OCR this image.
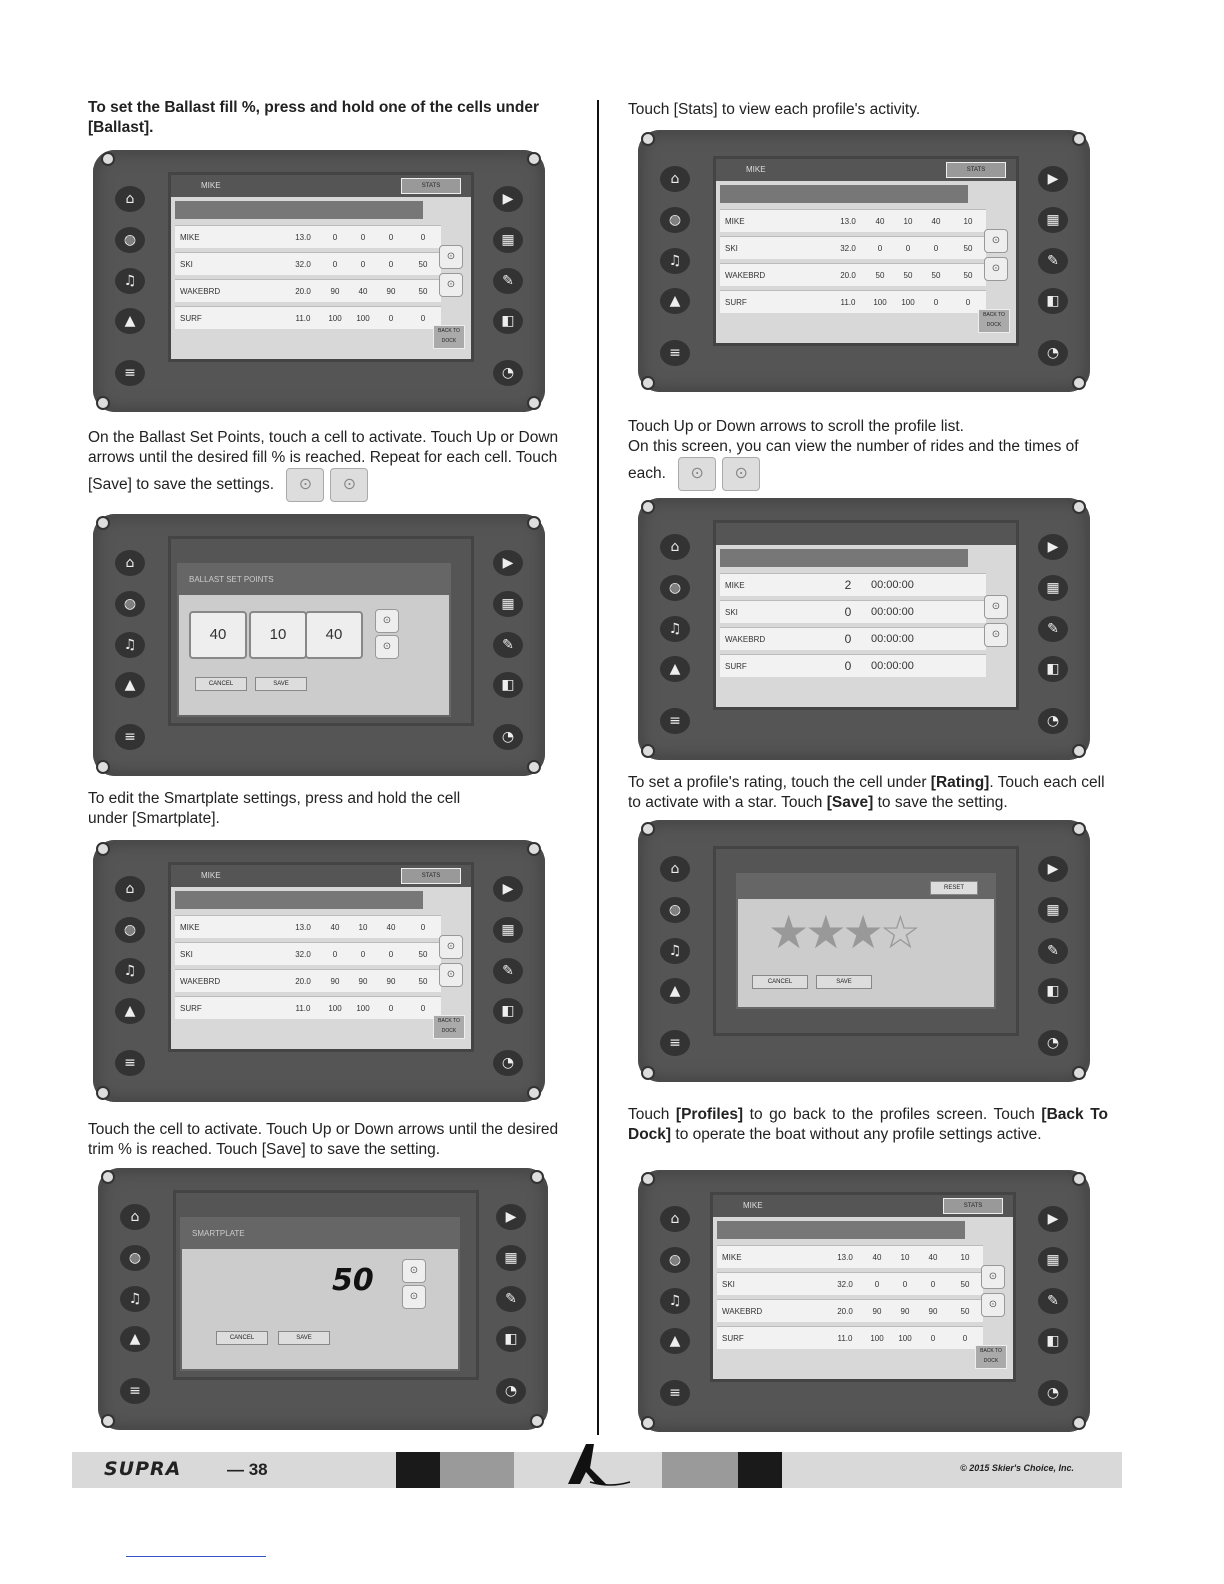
To set the Ballast fill %, press and hold one of the cells under [Ballast].

On the Ballast Set Points, touch a cell to activate. Touch Up or Down arrows until the desired fill % is reached. Repeat for each cell. Touch [Save] to save the settings. ⊙ ⊙

To edit the Smartplate settings, press and hold the cell under [Smartplate].

Touch the cell to activate. Touch Up or Down arrows until the desired trim % is reached. Touch [Save] to save the setting.

Touch [Stats] to view each profile's activity.

Touch Up or Down arrows to scroll the profile list.
On this screen, you can view the number of rides and the times of each. ⊙ ⊙

To set a profile's rating, touch the cell under [Rating]. Touch each cell to activate with a star. Touch [Save] to save the setting.

Touch [Profiles] to go back to the profiles screen. Touch [Back To Dock] to operate the boat without any profile settings active.

⌂
◍
♫
▲
≡
▶
▦
✎
◧
◔
MIKE	STATS
MIKE	13.0	0	0	0	0
SKI	32.0	0	0	0	50
WAKEBRD	20.0	90	40	90	50
SURF	11.0	100	100	0	0
⊙
⊙
BACK TO DOCK
⌂
◍
♫
▲
≡
▶
▦
✎
◧
◔
BALLAST SET POINTS
40	10	40
⊙
⊙
CANCEL	SAVE
⌂
◍
♫
▲
≡
▶
▦
✎
◧
◔
MIKE	STATS
MIKE	13.0	40	10	40	0
SKI	32.0	0	0	0	50
WAKEBRD	20.0	90	90	90	50
SURF	11.0	100	100	0	0
⊙
⊙
BACK TO DOCK
⌂
◍
♫
▲
≡
▶
▦
✎
◧
◔
SMARTPLATE
50	⊙
⊙
CANCEL	SAVE
⌂
◍
♫
▲
≡
▶
▦
✎
◧
◔
MIKE	STATS
MIKE	13.0	40	10	40	10
SKI	32.0	0	0	0	50
WAKEBRD	20.0	50	50	50	50
SURF	11.0	100	100	0	0
⊙
⊙
BACK TO DOCK
⌂
◍
♫
▲
≡
▶
▦
✎
◧
◔
MIKE	2	00:00:00	
SKI	0	00:00:00	
WAKEBRD	0	00:00:00	
SURF	0	00:00:00	
⊙
⊙
⌂
◍
♫
▲
≡
▶
▦
✎
◧
◔
RESET
★★★☆
CANCEL	SAVE
⌂
◍
♫
▲
≡
▶
▦
✎
◧
◔
MIKE	STATS
MIKE	13.0	40	10	40	10
SKI	32.0	0	0	0	50
WAKEBRD	20.0	90	90	90	50
SURF	11.0	100	100	0	0
⊙
⊙
BACK TO DOCK
SUPRA	— 38	© 2015 Skier's Choice, Inc.
